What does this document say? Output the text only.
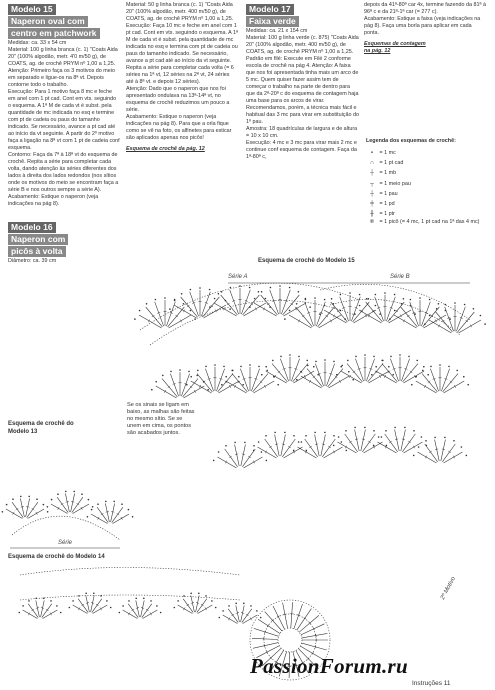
Modelo 15
Naperon oval com
centro em patchwork

Medidas: ca. 33 x 54 cm

Material: 100 g linha branca (c. 1) "Coats Aida 20" (100% algodão, metr. 4'0 m/50 g), de COATS, ag. de crochê PRYM nº 1,00 a 1,25.

Atenção: Primeiro faça os 3 motivos do meio em separado e ligue-os na 8ª vt. Depois contorne todo o trabalho.

Execução: Para 1 motivo faça 8 mc e feche em anel com 1 pt cad. Cont em vts. seguindo o esquema. A 1ª M de cada vt é subst. pela quantidade de mc indicada no esq e termine com pt de cadeia ou paus do tamanho indicado. Se necessário, avance a pt cad até ao início da vt seguinte. A partir do 2º motivo faça a ligação na 8ª vt com 1 pt de cadeia conf esquema.

Contorno: Faça da 7ª à 18ª vt do esquema de crochê. Repita a série para completar cada volta, dando atenção às séries diferentes dos lados à direita dos lados redondos (nos sítios onde os motivos do meio se encontram faça a série B e nos outros sempre a série A).

Acabamento: Estique o naperon (veja indicações na pág 8).

Modelo 16
Naperon com
picôs à volta

Diâmetro: ca. 39 cm

Material: 50 g linha branca (c. 1) "Coats Aida 20" (100% algodão, metr. 400 m/50 g), de COATS, ag. de crochê PRYM nº 1,00 a 1,25.

Execução: Faça 10 mc e feche em anel com 1 pt cad. Cont em vts. seguindo o esquema. A 1ª M de cada vt é subst. pela quantidade de mc indicada no esq e termina com pt de cadeia ou paus do tamanho indicado. Se necessário, avance a pt cad até ao início da vt seguinte. Repita a série para completar cada volta (= 6 séries na 1ª vt, 12 séries na 2ª vt, 24 séries até à 8ª vt. e depois 12 séries).

Atenção: Dado que o naperon que nos foi apresentado ondulava na 13ª-14ª vt, no esquema de crochê reduzimos um pouco a série.

Acabamento: Estique o naperon (veja indicações na pág 8). Para que a orla fique como se vê na foto, os alfinetes para esticar são aplicados apenas nos picôs!

Esquema de crochê da pág. 12

Modelo 17
Faixa verde

Medidas: ca. 21 x 154 cm

Material: 100 g linha verde (c. 875) "Coats Aida 20" (100% algodão, metr. 400 m/50 g), de COATS, ag. de crochê PRYM nº 1,00 a 1,25.

Padrão em filé: Execute em Filé 2 conforme escola de crochê na pág 4. Atenção: A faixa que nos foi apresentada tinha mais um arco de 5 mc. Quem quiser fazer assim tem de começar o trabalho na parte de dentro para que da 2ª-20ª c do esquema de contagem haja uma base para os arcos de virar. Recomendamos, porém, a técnica mais fácil e habitual das 3 mc para virar em substituição do 1º pau.

Amostra: 18 quadrículas de largura e de altura = 10 x 10 cm.

Execução: 4 mc e 3 mc para virar mais 2 mc e continue conf esquema de contagem. Faça da 1ª-80ª c,

depois da 41ª-80ª car 4x, termine fazendo da 81ª à 96ª c e da 21ª-1ª car (= 277 c).

Acabamento: Estique a faixa (veja indicações na pág 8). Faça uma borla para aplicar em cada ponta.

Esquemas de contagem

na pág. 12

Legenda dos esquemas de crochê:
• = 1 mc
∩ = 1 pt cad
┼ = 1 mb
┬ = 1 meio pau
┼ = 1 pau
╪ = 1 pd
╫ = 1 ptr
℗ = 1 picô (= 4 mc, 1 pt cad na 1ª das 4 mc)
Esquema de crochê do Modelo 15
Esquema de crochê do
Modelo 13
Esquema de crochê do Modelo 14
Série A	Série B
Série
2º Motivo
Se os sinais se ligam em baixo, as malhas são feitas no mesmo sítio. Se se unem em cima, os pontos são acabados juntos.
PassionForum.ru
Instruções 11
